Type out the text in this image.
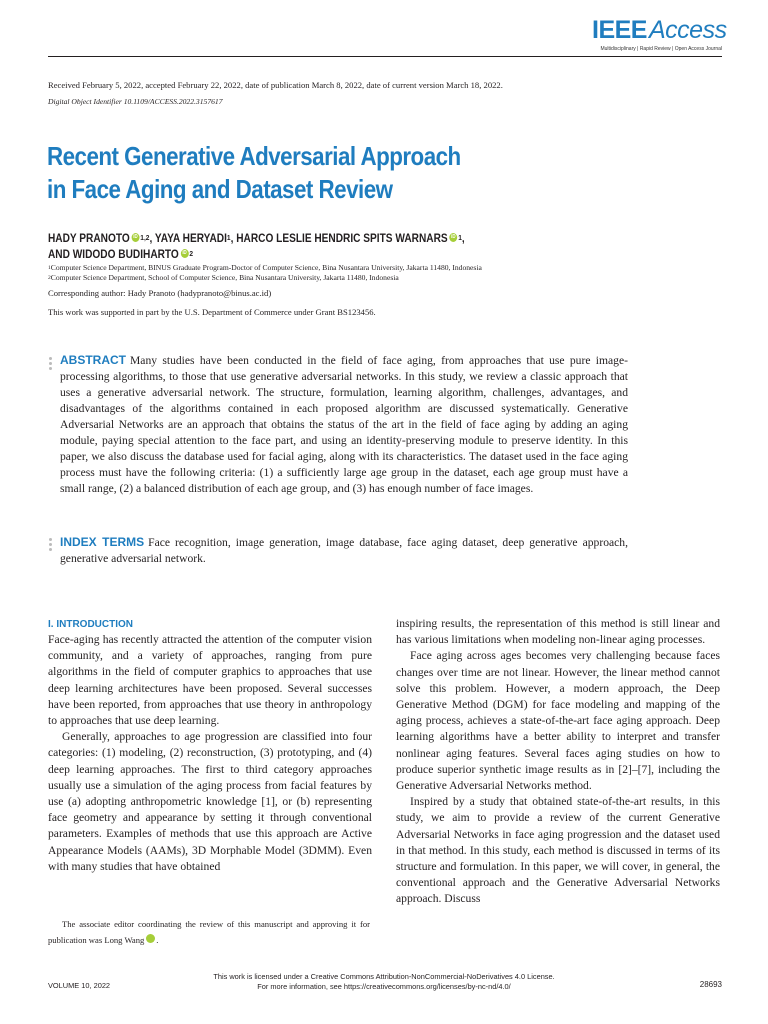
IEEEAccess
Multidisciplinary | Rapid Review | Open Access Journal
Received February 5, 2022, accepted February 22, 2022, date of publication March 8, 2022, date of current version March 18, 2022.
Digital Object Identifier 10.1109/ACCESS.2022.3157617
Recent Generative Adversarial Approach
in Face Aging and Dataset Review
HADY PRANOTO iD $^{1,2}$, YAYA HERYADI$^1$, HARCO LESLIE HENDRIC SPITS WARNARS iD $^1$,
AND WIDODO BUDIHARTO iD $^2$
$^1$Computer Science Department, BINUS Graduate Program-Doctor of Computer Science, Bina Nusantara University, Jakarta 11480, Indonesia
$^2$Computer Science Department, School of Computer Science, Bina Nusantara University, Jakarta 11480, Indonesia
Corresponding author: Hady Pranoto (hadypranoto@binus.ac.id)
This work was supported in part by the U.S. Department of Commerce under Grant BS123456.
ABSTRACT Many studies have been conducted in the field of face aging, from approaches that use pure image-processing algorithms, to those that use generative adversarial networks. In this study, we review a classic approach that uses a generative adversarial network. The structure, formulation, learning algorithm, challenges, advantages, and disadvantages of the algorithms contained in each proposed algorithm are discussed systematically. Generative Adversarial Networks are an approach that obtains the status of the art in the field of face aging by adding an aging module, paying special attention to the face part, and using an identity-preserving module to preserve identity. In this paper, we also discuss the database used for facial aging, along with its characteristics. The dataset used in the face aging process must have the following criteria: (1) a sufficiently large age group in the dataset, each age group must have a small range, (2) a balanced distribution of each age group, and (3) has enough number of face images.
INDEX TERMS Face recognition, image generation, image database, face aging dataset, deep generative approach, generative adversarial network.
I. INTRODUCTION

Face-aging has recently attracted the attention of the computer vision community, and a variety of approaches, ranging from pure algorithms in the field of computer graphics to approaches that use deep learning architectures have been proposed. Several successes have been reported, from approaches that use theory in anthropology to approaches that use deep learning.

Generally, approaches to age progression are classified into four categories: (1) modeling, (2) reconstruction, (3) prototyping, and (4) deep learning approaches. The first to third category approaches usually use a simulation of the aging process from facial features by use (a) adopting anthropometric knowledge [1], or (b) representing face geometry and appearance by setting it through conventional parameters. Examples of methods that use this approach are Active Appearance Models (AAMs), 3D Morphable Model (3DMM). Even with many studies that have obtained

The associate editor coordinating the review of this manuscript and approving it for publication was Long Wang	iD.

inspiring results, the representation of this method is still linear and has various limitations when modeling non-linear aging processes.

Face aging across ages becomes very challenging because faces changes over time are not linear. However, the linear method cannot solve this problem. However, a modern approach, the Deep Generative Method (DGM) for face modeling and mapping of the aging process, achieves a state-of-the-art face aging approach. Deep learning algorithms have a better ability to interpret and transfer nonlinear aging features. Several faces aging studies on how to produce superior synthetic image results as in [2]–[7], including the Generative Adversarial Networks method.

Inspired by a study that obtained state-of-the-art results, in this study, we aim to provide a review of the current Generative Adversarial Networks in face aging progression and the dataset used in that method. In this study, each method is discussed in terms of its structure and formulation. In this paper, we will cover, in general, the conventional approach and the Generative Adversarial Networks approach. Discuss

This work is licensed under a Creative Commons Attribution-NonCommercial-NoDerivatives 4.0 License.
For more information, see https://creativecommons.org/licenses/by-nc-nd/4.0/
VOLUME 10, 2022	28693
